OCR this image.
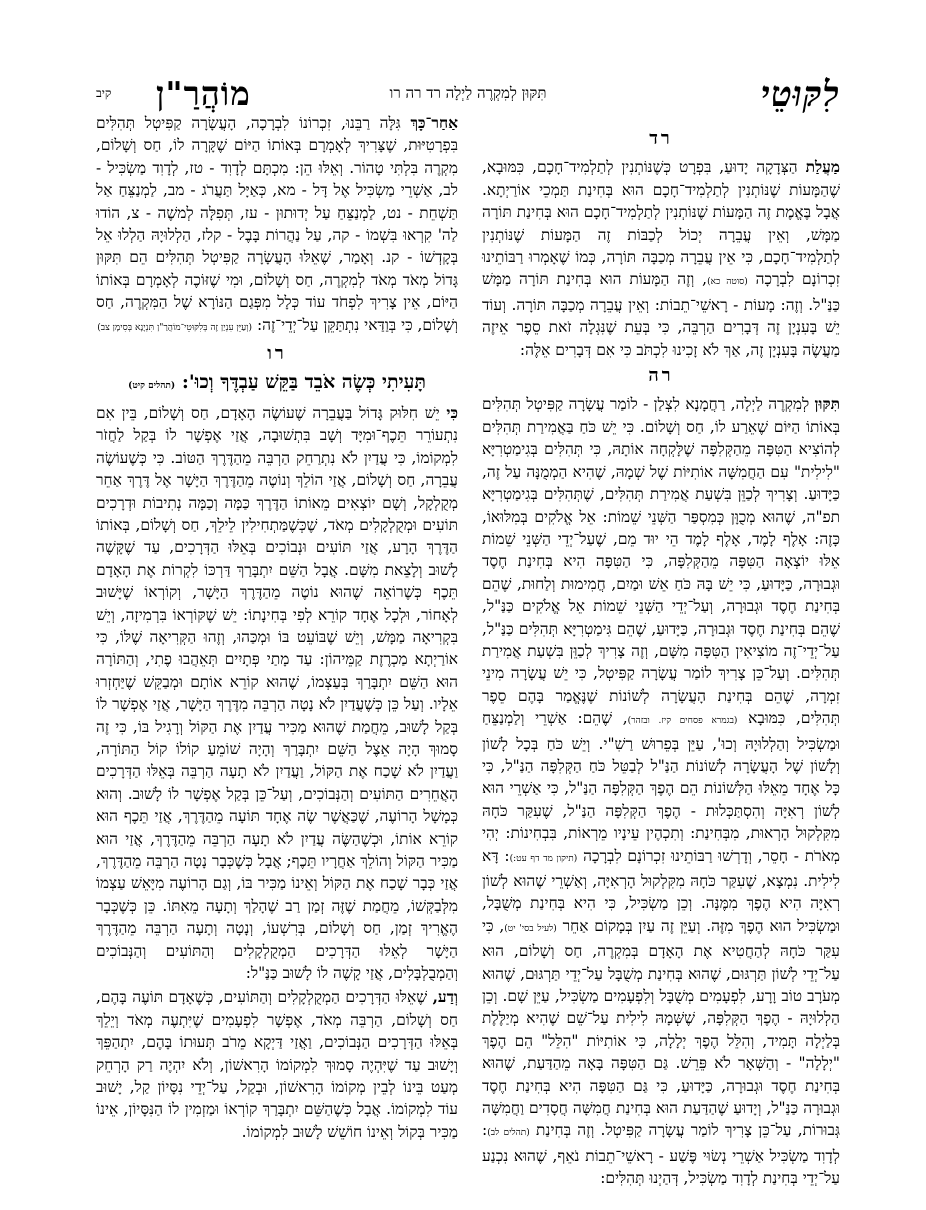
לִקּוּטֵי
תִּקּוּן לְמִקְרֶה לַיְלָה רד רה רו
מוֹהֲרַ"ן
קיב
רד

מַעֲלַת הַצְּדָקָה יָדוּעַ, בִּפְרָט כְּשֶׁנּוֹתְנִין לְתַלְמִיד־חָכָם, כִּמּוּבָא, שֶׁהַמָּעוֹת שֶׁנּוֹתְנִין לְתַלְמִיד־חָכָם הוּא בְּחִינַת תַּמְכֵי אוֹרַיְתָא. אֲבָל בֶּאֱמֶת זֶה הַמָּעוֹת שֶׁנּוֹתְנִין לְתַלְמִיד־חָכָם הוּא בְּחִינַת תּוֹרָה מַמָּשׁ, וְאֵין עֲבֵרָה יְכוֹל לְכַבּוֹת זֶה הַמָּעוֹת שֶׁנּוֹתְנִין לְתַלְמִיד־חָכָם, כִּי אֵין עֲבֵרָה מְכַבָּה תּוֹרָה, כְּמוֹ שֶׁאָמְרוּ רַבּוֹתֵינוּ זִכְרוֹנָם לִבְרָכָה (סוטה כא), וְזֶה הַמָּעוֹת הוּא בְּחִינַת תּוֹרָה מַמָּשׁ כַּנַּ"ל. וְזֶה: מָעוֹת - רָאשֵׁי־תֵבוֹת: וְאֵין עֲבֵרָה מְכַבָּה תּוֹרָה. וְעוֹד יֵשׁ בָּעִנְיָן זֶה דְּבָרִים הַרְבֵּה, כִּי בְּעֵת שֶׁנִּגְלָה זֹאת סֵפֶר אֵיזֶה מַעֲשֶׂה בָּעִנְיָן זֶה, אַךְ לֹא זָכִינוּ לִכְתֹּב כִּי אִם דְּבָרִים אֵלֶּה:

רה

תִּקּוּן לְמִקְרֶה לַיְלָה, רַחֲמָנָא לִצְלַן - לוֹמַר עֲשָׂרָה קַפִּיטְל תְּהִלִּים בְּאוֹתוֹ הַיּוֹם שֶׁאֵרַע לוֹ, חַס וְשָׁלוֹם. כִּי יֵשׁ כֹּחַ בַּאֲמִירַת תְּהִלִּים לְהוֹצִיא הַטִּפָּה מֵהַקְּלִפָּה שֶׁלָּקְחָה אוֹתָהּ, כִּי תְּהִלִּים בְּגִימַטְרִיָּא "לִילִית" עִם הַחֲמִשָּׁה אוֹתִיּוֹת שֶׁל שְׁמָהּ, שֶׁהִיא הַמְמֻנָּה עַל זֶה, כַּיָּדוּעַ. וְצָרִיךְ לְכַוֵּן בִּשְׁעַת אֲמִירַת תְּהִלִּים, שֶׁתְּהִלִּים בְּגִימַטְרִיָּא תפ"ה, שֶׁהוּא מְכֻוָּן כְּמִסְפַּר הַשְּׁנֵי שֵׁמוֹת: אֵל אֱלֹקִים בְּמִלּוּאוֹ, כָּזֶה: אָלֶף לָמֶד, אָלֶף לָמֶד הֵי יוּד מֵם, שֶׁעַל־יְדֵי הַשְּׁנֵי שֵׁמוֹת אֵלּוּ יוֹצְאָה הַטִּפָּה מֵהַקְּלִפָּה, כִּי הַטִּפָּה הִיא בְּחִינַת חֶסֶד וּגְבוּרָה, כַּיָּדוּעַ, כִּי יֵשׁ בָּהּ כֹּחַ אֵשׁ וּמַיִם, חֲמִימוּת וְלַחוּת, שֶׁהֵם בְּחִינַת חֶסֶד וּגְבוּרָה, וְעַל־יְדֵי הַשְּׁנֵי שֵׁמוֹת אֵל אֱלֹקִים כַּנַּ"ל, שֶׁהֵם בְּחִינַת חֶסֶד וּגְבוּרָה, כַּיָּדוּעַ, שֶׁהֵם גִּימַטְרִיָּא תְּהִלִּים כַּנַּ"ל, עַל־יְדֵי־זֶה מוֹצִיאִין הַטִּפָּה מִשָּׁם, וְזֶה צָרִיךְ לְכַוֵּן בִּשְׁעַת אֲמִירַת תְּהִלִּים. וְעַל־כֵּן צָרִיךְ לוֹמַר עֲשָׂרָה קַפִּיטְל, כִּי יֵשׁ עֲשָׂרָה מִינֵי זִמְרָה, שֶׁהֵם בְּחִינַת הָעֲשָׂרָה לְשׁוֹנוֹת שֶׁנֶּאֱמַר בָּהֶם סֵפֶר תְּהִלִּים, כִּמּוּבָא (בגמרא פסחים קיז. ובזהר), שֶׁהֵם: אַשְׁרֵי וְלַמְנַצֵּחַ וּמַשְׂכִּיל וְהַלְלוּיָהּ וְכוּ', עַיֵּן בְּפֵרוּשׁ רַשִׁ"י. וְיֵשׁ כֹּחַ בְּכָל לָשׁוֹן וְלָשׁוֹן שֶׁל הָעֲשָׂרָה לְשׁוֹנוֹת הַנַּ"ל לְבַטֵּל כֹּחַ הַקְּלִפָּה הַנַּ"ל, כִּי כָּל אֶחָד מֵאֵלּוּ הַלְּשׁוֹנוֹת הֵם הֶפֶךְ הַקְּלִפָּה הַנַּ"ל, כִּי אַשְׁרֵי הוּא לְשׁוֹן רְאִיָּה וְהִסְתַּכְּלוּת - הֶפֶךְ הַקְּלִפָּה הַנַּ"ל, שֶׁעִקַּר כֹּחָהּ מִקִּלְקוּל הָרְאוּת, מִבְּחִינַת: וְתִכְהֶין עֵינָיו מֵרְאוֹת, בִּבְחִינוֹת: יְהִי מְאֹרֹת - חָסֵר, וְדָרְשׁוּ רַבּוֹתֵינוּ זִכְרוֹנָם לִבְרָכָה (תיקון מד דף עט:): דָּא לִילִית. נִמְצָא, שֶׁעִקַּר כֹּחָהּ מִקִּלְקוּל הָרְאִיָּה, וְאַשְׁרֵי שֶׁהוּא לְשׁוֹן רְאִיָּה הִיא הֶפֶךְ מִמֶּנָּה. וְכֵן מַשְׂכִּיל, כִּי הִיא בְּחִינַת מְשֻׁבָּל, וּמַשְׂכִּיל הוּא הֶפֶךְ מִזֶּה. וְעַיֵּן זֶה עַיִן בְּמָקוֹם אַחֵר (לעיל בסי' יט), כִּי עִקַּר כֹּחָהּ לְהַחֲטִיא אֶת הָאָדָם בְּמִקְרֶה, חַס וְשָׁלוֹם, הוּא עַל־יְדֵי לְשׁוֹן תַּרְגּוּם, שֶׁהוּא בְּחִינַת מְשֻׁבָּל עַל־יְדֵי תַּרְגּוּם, שֶׁהוּא מְעֹרָב טוֹב וָרָע, לִפְעָמִים מְשֻׁבָּל וְלִפְעָמִים מַשְׂכִּיל, עַיֵּן שָׁם. וְכֵן הַלְלוּיָהּ - הֶפֶךְ הַקְּלִפָּה, שֶׁשְּׁמָהּ לִילִית עַל־שֵׁם שֶׁהִיא מְיַלֶּלֶת בְּלַיְלָה תָּמִיד, וְהִלֵּל הֶפֶךְ יְלָלָה, כִּי אוֹתִיּוֹת "הִלֵּל" הֵם הֶפֶךְ "יְלָלָה" - וְהַשְּׁאָר לֹא פֵּרֵשׁ. גַּם הַטִּפָּה בָּאָה מֵהַדַּעַת, שֶׁהוּא בְּחִינַת חֶסֶד וּגְבוּרָה, כַּיָּדוּעַ, כִּי גַּם הַטִּפָּה הִיא בְּחִינַת חֶסֶד וּגְבוּרָה כַּנַּ"ל, וְיָדוּעַ שֶׁהַדַּעַת הוּא בְּחִינַת חֲמִשָּׁה חֲסָדִים וַחֲמִשָּׁה גְּבוּרוֹת, עַל־כֵּן צָרִיךְ לוֹמַר עֲשָׂרָה קַפִּיטְל. וְזֶה בְּחִינַת (תהלים לב): לְדָוִד מַשְׂכִּיל אַשְׁרֵי נְשׂוּי פֶּשַׁע - רָאשֵׁי־תֵבוֹת נֹאֵף, שֶׁהוּא נִכְנַע עַל־יְדֵי בְּחִינַת לְדָוִד מַשְׂכִּיל, דְּהַיְנוּ תְּהִלִּים:

אַחַר־כָּךְ גִּלָּה רַבֵּנוּ, זִכְרוֹנוֹ לִבְרָכָה, הָעֲשָׂרָה קַפִּיטְל תְּהִלִּים בִּפְרָטִיּוּת, שֶׁצָּרִיךְ לְאָמְרָם בְּאוֹתוֹ הַיּוֹם שֶׁקָּרָה לוֹ, חַס וְשָׁלוֹם, מִקְרֶה בִּלְתִּי טָהוֹר. וְאֵלּוּ הֵן: מִכְתָּם לְדָוִד - טז, לְדָוִד מַשְׂכִּיל - לב, אַשְׁרֵי מַשְׂכִּיל אֶל דָּל - מא, כְּאַיָּל תַּעֲרֹג - מב, לַמְנַצֵּחַ אַל תַּשְׁחֵת - נט, לַמְנַצֵּחַ עַל יְדוּתוּן - עז, תְּפִלָּה לְמשֶׁה - צ, הוֹדוּ לַה' קִרְאוּ בִּשְׁמוֹ - קה, עַל נַהֲרוֹת בָּבֶל - קלז, הַלְלוּיָהּ הַלְלוּ אֵל בְּקָדְשׁוֹ - קנ. וְאָמַר, שֶׁאֵלּוּ הָעֲשָׂרָה קַפִּיטְל תְּהִלִּים הֵם תִּקּוּן גָּדוֹל מְאֹד מְאֹד לְמִקְרֶה, חַס וְשָׁלוֹם, וּמִי שֶׁזּוֹכֶה לְאָמְרָם בְּאוֹתוֹ הַיּוֹם, אֵין צָרִיךְ לִפְחֹד עוֹד כְּלָל מִפְּגַם הַנּוֹרָא שֶׁל הַמִּקְרֶה, חַס וְשָׁלוֹם, כִּי בְּוַדַּאי נִתְתַּקֵּן עַל־יְדֵי־זֶה: (וְעַיֵּן עִנְיַן זֶה בְּלִקּוּטֵי־מוֹהֲרַ"ן תִּנְיָנָא בְּסִימָן צב)

רו
תָּעִיתִי כְּשֶׂה אֹבֵד בַּקֵּשׁ עַבְדֶּךָ וְכוּ': (תהלים קיט)

כִּי יֵשׁ חִלּוּק גָּדוֹל בַּעֲבֵרָה שֶׁעוֹשֶׂה הָאָדָם, חַס וְשָׁלוֹם, בֵּין אִם נִתְעוֹרֵר תֵּכֶף־וּמִיָּד וְשָׁב בִּתְשׁוּבָה, אֲזַי אֶפְשָׁר לוֹ בְּקַל לַחֲזֹר לִמְקוֹמוֹ, כִּי עֲדַיִן לֹא נִתְרַחֵק הַרְבֵּה מֵהַדֶּרֶךְ הַטּוֹב. כִּי כְּשֶׁעוֹשֶׂה עֲבֵרָה, חַס וְשָׁלוֹם, אֲזַי הוֹלֵךְ וְנוֹטֶה מֵהַדֶּרֶךְ הַיָּשָׁר אֶל דֶּרֶךְ אַחֵר מְקֻלְקָל, וְשָׁם יוֹצְאִים מֵאוֹתוֹ הַדֶּרֶךְ כַּמָּה וְכַמָּה נְתִיבוֹת וּדְרָכִים תּוֹעִים וּמְקֻלְקָלִים מְאֹד, שֶׁכְּשֶׁמַּתְחִילִין לֵילֵךְ, חַס וְשָׁלוֹם, בְּאוֹתוֹ הַדֶּרֶךְ הָרָע, אֲזַי תּוֹעִים וּנְבוֹכִים בְּאֵלּוּ הַדְּרָכִים, עַד שֶׁקָּשֶׁה לָשׁוּב וְלָצֵאת מִשָּׁם. אֲבָל הַשֵּׁם יִתְבָּרַךְ דַּרְכּוֹ לִקְרוֹת אֶת הָאָדָם תֵּכֶף כְּשֶׁרוֹאֵה שֶׁהוּא נוֹטֶה מֵהַדֶּרֶךְ הַיָּשָׁר, וְקוֹרְאוֹ שֶׁיָּשׁוּב לְאָחוֹר, וּלְכָל אֶחָד קוֹרֵא לְפִי בְּחִינָתוֹ: יֵשׁ שֶׁקּוֹרְאוֹ בִּרְמִיזָה, וְיֵשׁ בִּקְרִיאָה מַמָּשׁ, וְיֵשׁ שֶׁבּוֹעֵט בּוֹ וּמְכַּהוּ, וְזֶהוּ הַקְּרִיאָה שֶׁלּוֹ, כִּי אוֹרַיְתָא מַכְרֶזֶת קַמֵּיהוֹן: עַד מָתַי פְּתָיִים תְּאֵהֲבוּ פֶתִי, וְהַתּוֹרָה הוּא הַשֵּׁם יִתְבָּרַךְ בְּעַצְמוֹ, שֶׁהוּא קוֹרֵא אוֹתָם וּמְבַקֵּשׁ שֶׁיַּחְזְרוּ אֵלָיו. וְעַל כֵּן כְּשֶׁעֲדַיִן לֹא נָטָה הַרְבֵּה מִדֶּרֶךְ הַיָּשָׁר, אֲזַי אֶפְשָׁר לוֹ בְּקַל לָשׁוּב, מֵחֲמַת שֶׁהוּא מַכִּיר עֲדַיִן אֶת הַקּוֹל וְרָגִיל בּוֹ, כִּי זֶה סָמוּךְ הָיָה אֵצֶל הַשֵּׁם יִתְבָּרַךְ וְהָיָה שׁוֹמֵעַ קוֹלוֹ קוֹל הַתּוֹרָה, וַעֲדַיִן לֹא שָׁכַח אֶת הַקּוֹל, וַעֲדַיִן לֹא תָעָה הַרְבֵּה בְּאֵלּוּ הַדְּרָכִים הָאֲחֵרִים הַתּוֹעִים וְהַנְּבוֹכִים, וְעַל־כֵּן בְּקַל אֶפְשָׁר לוֹ לָשׁוּב. וְהוּא כְּמָשָׁל הָרוֹעֶה, שֶׁכַּאֲשֶׁר שֶׂה אֶחָד תּוֹעָה מֵהַדֶּרֶךְ, אֲזַי תֵּכֶף הוּא קוֹרֵא אוֹתוֹ, וּכְשֶׁהַשֶּׂה עֲדַיִן לֹא תָעָה הַרְבֵּה מֵהַדֶּרֶךְ, אֲזַי הוּא מַכִּיר הַקּוֹל וְהוֹלֵךְ אַחֲרָיו תֵּכֶף; אֲבָל כְּשֶׁכְּבָר נָטָה הַרְבֵּה מֵהַדֶּרֶךְ, אֲזַי כְּבָר שָׁכַח אֶת הַקּוֹל וְאֵינוֹ מַכִּיר בּוֹ, וְגַם הָרוֹעֶה מִיָּאֵשׁ עַצְמוֹ מִלְּבַקְּשׁוֹ, מֵחֲמַת שֶׁזֶּה זְמַן רַב שֶׁהָלַךְ וְתָעָה מֵאִתּוֹ. כֵּן כְּשֶׁכְּבָר הֶאֱרִיךְ זְמַן, חַס וְשָׁלוֹם, בְּרִשְׁעוֹ, וְנָטָה וְתָעָה הַרְבֵּה מֵהַדֶּרֶךְ הַיָּשָׁר לְאֵלּוּ הַדְּרָכִים הַמְקֻלְקָלִים וְהַתּוֹעִים וְהַנְּבוֹכִים וְהַמְבֻלְבָּלִים, אֲזַי קָשֶׁה לוֹ לָשׁוּב כַּנַּ"ל:

וְדַע, שֶׁאֵלּוּ הַדְּרָכִים הַמְקֻלְקָלִים וְהַתּוֹעִים, כְּשֶׁאָדָם תּוֹעֶה בָּהֶם, חַס וְשָׁלוֹם, הַרְבֵּה מְאֹד, אֶפְשָׁר לִפְעָמִים שֶׁיִּתְעֶה מְאֹד וְיֵלֵךְ בְּאֵלּוּ הַדְּרָכִים הַנְּבוֹכִים, וַאֲזַי דַּיְקָא מֵרֹב תְּעוּתוֹ בָּהֶם, יִתְהַפֵּךְ וְיָשׁוּב עַד שֶׁיִּהְיֶה סָמוּךְ לִמְקוֹמוֹ הָרִאשׁוֹן, וְלֹא יִהְיֶה רַק הָרְחֵק מְעַט בֵּינוֹ לְבֵין מְקוֹמוֹ הָרִאשׁוֹן, וּבְקַל, עַל־יְדֵי נִסָּיוֹן קַל, יָשׁוּב עוֹד לִמְקוֹמוֹ. אֲבָל כְּשֶׁהַשֵּׁם יִתְבָּרַךְ קוֹרְאוֹ וּמַזְמִין לוֹ הַנִּסָּיוֹן, אֵינוֹ מַכִּיר בְּקוֹל וְאֵינוֹ חוֹשֵׁשׁ לָשׁוּב לִמְקוֹמוֹ.
